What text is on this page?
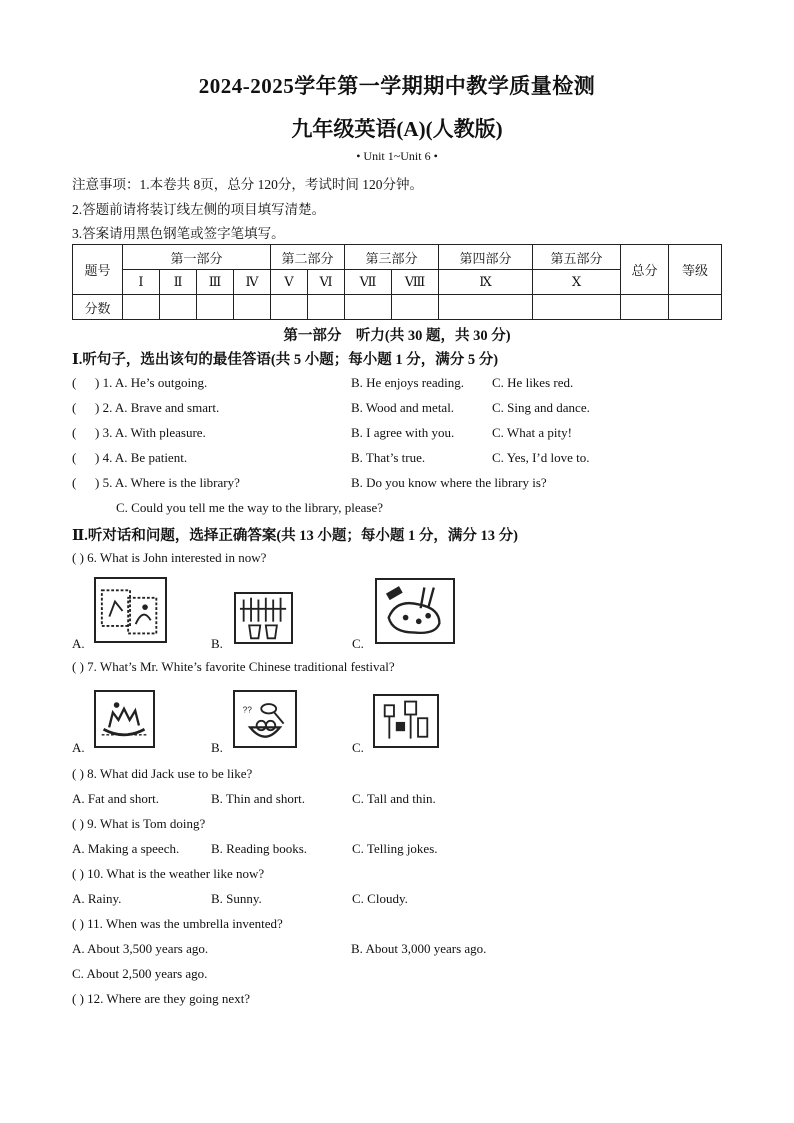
2024-2025学年第一学期期中教学质量检测
九年级英语(A)(人教版)
• Unit 1~Unit 6 •
注意事项：1.本卷共 8页，总分 120分，考试时间 120分钟。
2.答题前请将装订线左侧的项目填写清楚。
3.答案请用黑色钢笔或签字笔填写。
题号	第一部分				第二部分		第三部分		第四部分	第五部分	总分	等级
	Ⅰ	Ⅱ	Ⅲ	Ⅳ	Ⅴ	Ⅵ	Ⅶ	Ⅷ	Ⅸ	Ⅹ		
分数												
第一部分　听力(共 30 题，共 30 分)
Ⅰ.听句子，选出该句的最佳答语(共 5 小题；每小题 1 分，满分 5 分)
( ) 1. A. He’s outgoing.	B. He enjoys reading. C. He likes red.
( ) 2. A. Brave and smart.	B. Wood and metal.	C. Sing and dance.
( ) 3. A. With pleasure.	B. I agree with you.	C. What a pity!
( ) 4. A. Be patient.	B. That’s true.	C. Yes, I’d love to.
( ) 5. A. Where is the library?	B. Do you know where the library is?
C. Could you tell me the way to the library, please?
Ⅱ.听对话和问题，选择正确答案(共 13 小题；每小题 1 分，满分 13 分)
( ) 6. What is John interested in now?
A.	B.	C.
( ) 7. What’s Mr. White’s favorite Chinese traditional festival?
A.	B.
??
C.
( ) 8. What did Jack use to be like?
A. Fat and short.	B. Thin and short.	C. Tall and thin.
( ) 9. What is Tom doing?
A. Making a speech. B. Reading books.	C. Telling jokes.
( ) 10. What is the weather like now?
A. Rainy.	B. Sunny.	C. Cloudy.
( ) 11. When was the umbrella invented?
A. About 3,500 years ago.	B. About 3,000 years ago.
C. About 2,500 years ago.
( ) 12. Where are they going next?
